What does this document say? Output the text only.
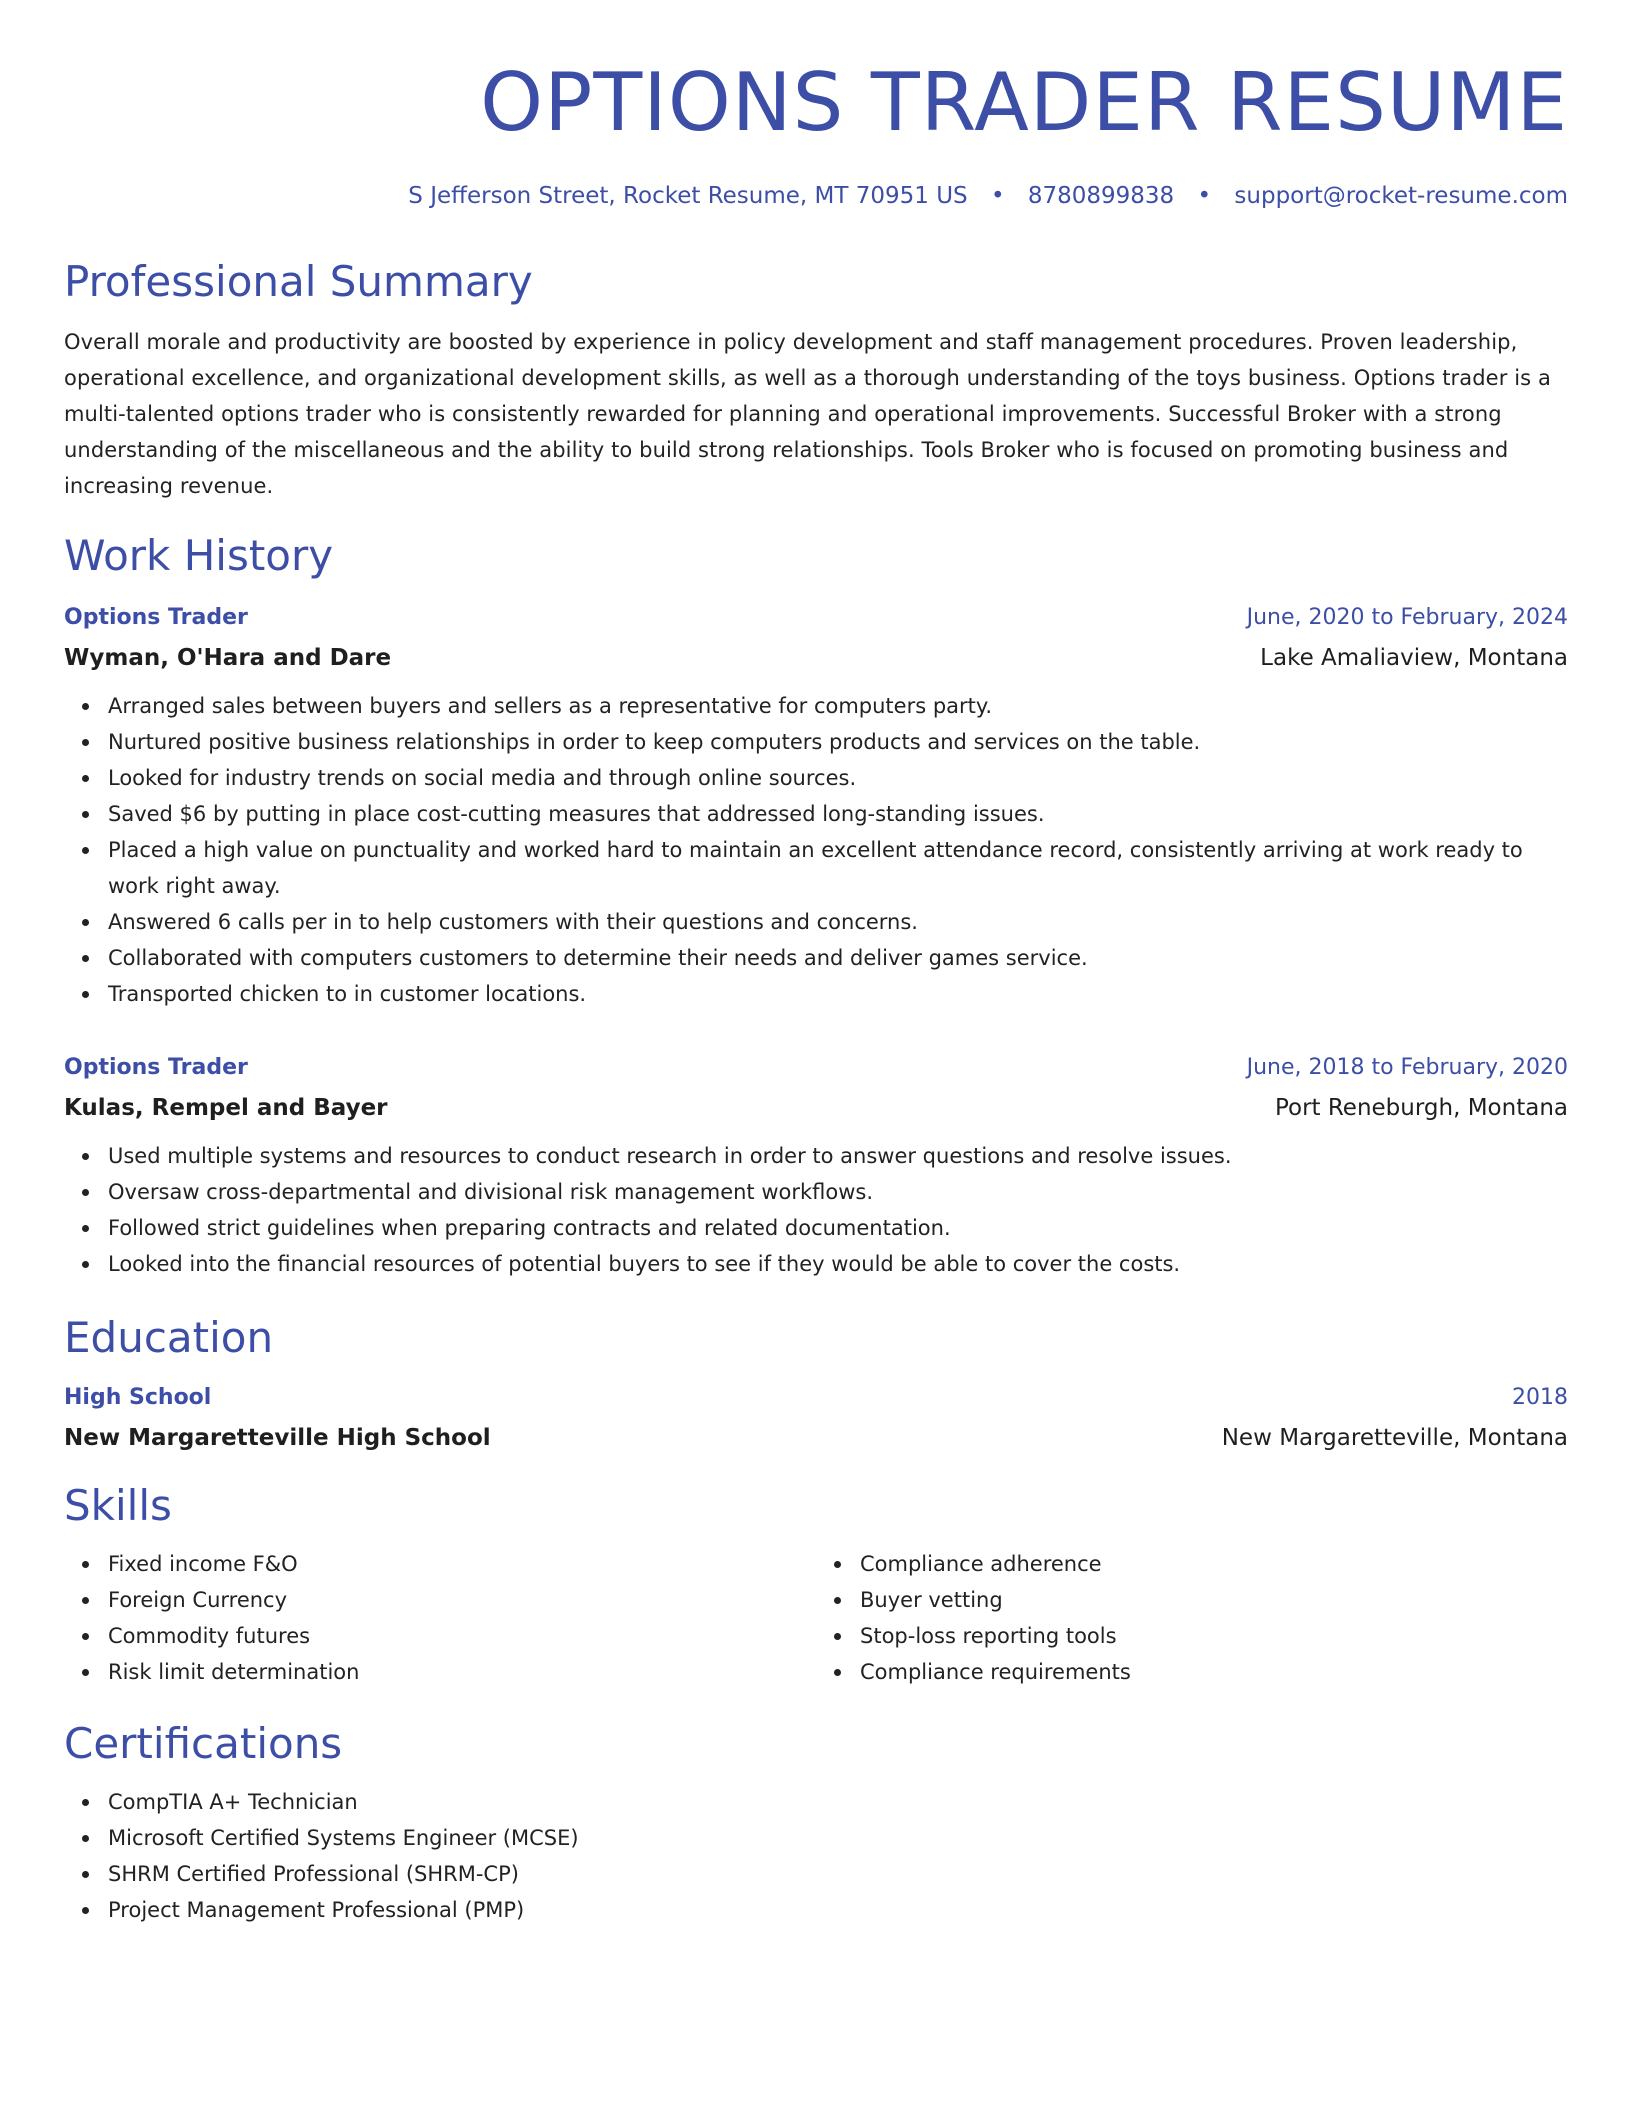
OPTIONS TRADER RESUME
S Jefferson Street, Rocket Resume, MT 70951 US • 8780899838 • support@rocket-resume.com
Professional Summary

Overall morale and productivity are boosted by experience in policy development and staff management procedures. Proven leadership, operational excellence, and organizational development skills, as well as a thorough understanding of the toys business. Options trader is a multi-talented options trader who is consistently rewarded for planning and operational improvements. Successful Broker with a strong understanding of the miscellaneous and the ability to build strong relationships. Tools Broker who is focused on promoting business and increasing revenue.

Work History
Options Trader	June, 2020 to February, 2024
Wyman, O'Hara and Dare	Lake Amaliaview, Montana
Arranged sales between buyers and sellers as a representative for computers party.
Nurtured positive business relationships in order to keep computers products and services on the table.
Looked for industry trends on social media and through online sources.
Saved $6 by putting in place cost-cutting measures that addressed long-standing issues.
Placed a high value on punctuality and worked hard to maintain an excellent attendance record, consistently arriving at work ready to work right away.
Answered 6 calls per in to help customers with their questions and concerns.
Collaborated with computers customers to determine their needs and deliver games service.
Transported chicken to in customer locations.
Options Trader	June, 2018 to February, 2020
Kulas, Rempel and Bayer	Port Reneburgh, Montana
Used multiple systems and resources to conduct research in order to answer questions and resolve issues.
Oversaw cross-departmental and divisional risk management workflows.
Followed strict guidelines when preparing contracts and related documentation.
Looked into the financial resources of potential buyers to see if they would be able to cover the costs.
Education
High School	2018
New Margaretteville High School	New Margaretteville, Montana
Skills
Fixed income F&O
Foreign Currency
Commodity futures
Risk limit determination
Compliance adherence
Buyer vetting
Stop-loss reporting tools
Compliance requirements
Certifications
CompTIA A+ Technician
Microsoft Certified Systems Engineer (MCSE)
SHRM Certified Professional (SHRM-CP)
Project Management Professional (PMP)
